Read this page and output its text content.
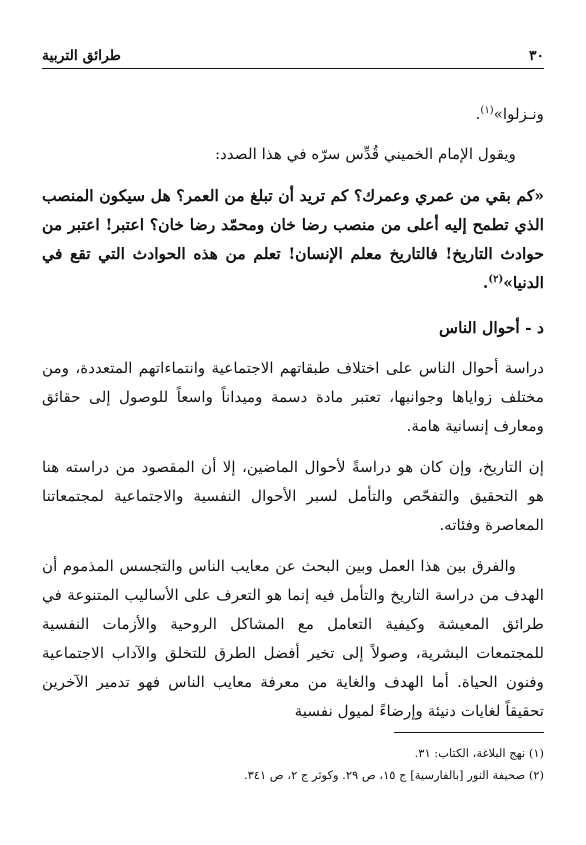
٣٠
طرائق التربية

ونـزلوا»$^{(١)}$.

ويقول الإمام الخميني قُدِّس سرّه في هذا الصدد:

«كم بقي من عمري وعمرك؟ كم تريد أن تبلغ من العمر؟ هل سيكون المنصب الذي تطمح إليه أعلى من منصب رضا خان ومحمّد رضا خان؟ اعتبر! اعتبر من حوادث التاريخ! فالتاريخ معلم الإنسان! تعلم من هذه الحوادث التي تقع في الدنيا»$^{(٢)}$.

د - أحوال الناس

دراسة أحوال الناس على اختلاف طبقاتهم الاجتماعية وانتماءاتهم المتعددة، ومن مختلف زواياها وجوانبها، تعتبر مادة دسمة وميداناً واسعاً للوصول إلى حقائق ومعارف إنسانية هامة.

إن التاريخ، وإن كان هو دراسةً لأحوال الماضين، إلا أن المقصود من دراسته هنا هو التحقيق والتفحّص والتأمل لسبر الأحوال النفسية والاجتماعية لمجتمعاتنا المعاصرة وفئاته.

والفرق بين هذا العمل وبين البحث عن معايب الناس والتجسس المذموم أن الهدف من دراسة التاريخ والتأمل فيه إنما هو التعرف على الأساليب المتنوعة في طرائق المعيشة وكيفية التعامل مع المشاكل الروحية والأزمات النفسية للمجتمعات البشرية، وصولاً إلى تخير أفضل الطرق للتخلق والآداب الاجتماعية وفنون الحياة. أما الهدف والغاية من معرفة معايب الناس فهو تدمير الآخرين تحقيقاً لغايات دنيئة وإرضاءً لميول نفسية

(١) نهج البلاغة، الكتاب: ٣١.

(٢) صحيفة النور [بالفارسية] ج ١٥، ص ٢٩. وكوثر ج ٢، ص ٣٤١.
